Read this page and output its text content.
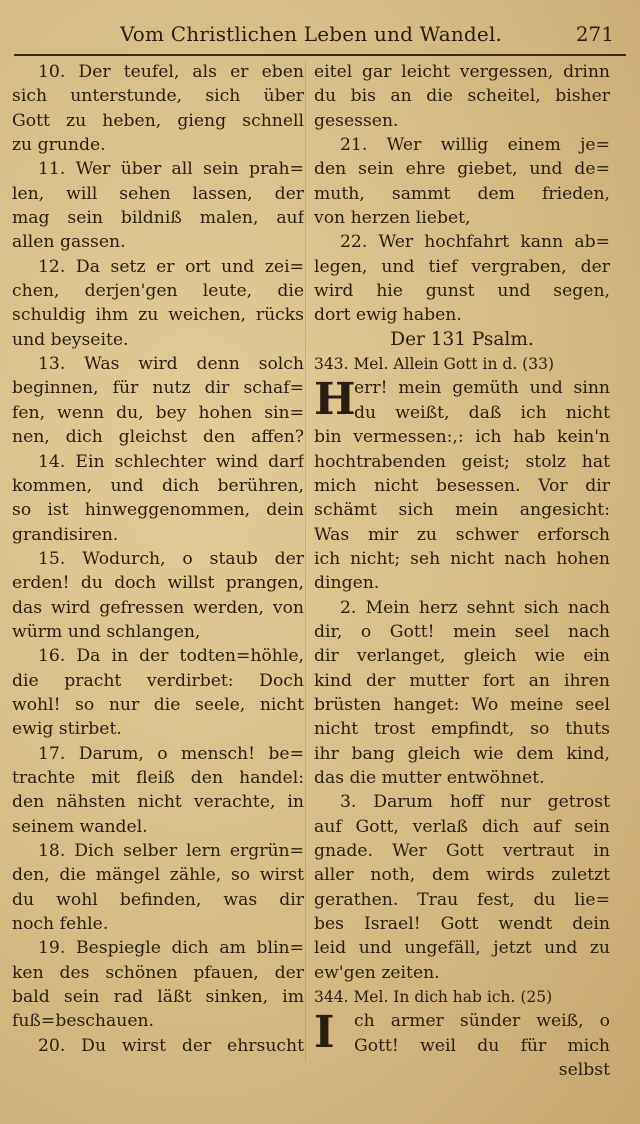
Vom Christlichen Leben und Wandel.	271
10. Der teufel, als er eben
sich unterstunde, sich über
Gott zu heben, gieng schnell
zu grunde.
11. Wer über all sein prah=
len, will sehen lassen, der
mag sein bildniß malen, auf
allen gassen.
12. Da setz er ort und zei=
chen, derjen'gen leute, die
schuldig ihm zu weichen, rücks
und beyseite.
13. Was wird denn solch
beginnen, für nutz dir schaf=
fen, wenn du, bey hohen sin=
nen, dich gleichst den affen?
14. Ein schlechter wind darf
kommen, und dich berühren,
so ist hinweggenommen, dein
grandisiren.
15. Wodurch, o staub der
erden! du doch willst prangen,
das wird gefressen werden, von
würm und schlangen,
16. Da in der todten=höhle,
die pracht verdirbet: Doch
wohl! so nur die seele, nicht
ewig stirbet.
17. Darum, o mensch! be=
trachte mit fleiß den handel:
den nähsten nicht verachte, in
seinem wandel.
18. Dich selber lern ergrün=
den, die mängel zähle, so wirst
du wohl befinden, was dir
noch fehle.
19. Bespiegle dich am blin=
ken des schönen pfauen, der
bald sein rad läßt sinken, im
fuß=beschauen.
20. Du wirst der ehrsucht
eitel gar leicht vergessen, drinn
du bis an die scheitel, bisher
gesessen.
21. Wer willig einem je=
den sein ehre giebet, und de=
muth, sammt dem frieden,
von herzen liebet,
22. Wer hochfahrt kann ab=
legen, und tief vergraben, der
wird hie gunst und segen,
dort ewig haben.
Der 131 Psalm.
343. Mel. Allein Gott in d. (33)
H
err! mein gemüth und sinn
du weißt, daß ich nicht
bin vermessen:,: ich hab kein'n
hochtrabenden geist; stolz hat
mich nicht besessen. Vor dir
schämt sich mein angesicht:
Was mir zu schwer erforsch
ich nicht; seh nicht nach hohen
dingen.
2. Mein herz sehnt sich nach
dir, o Gott! mein seel nach
dir verlanget, gleich wie ein
kind der mutter fort an ihren
brüsten hanget: Wo meine seel
nicht trost empfindt, so thuts
ihr bang gleich wie dem kind,
das die mutter entwöhnet.
3. Darum hoff nur getrost
auf Gott, verlaß dich auf sein
gnade. Wer Gott vertraut in
aller noth, dem wirds zuletzt
gerathen. Trau fest, du lie=
bes Israel! Gott wendt dein
leid und ungefäll, jetzt und zu
ew'gen zeiten.
344. Mel. In dich hab ich. (25)
I	ch armer sünder weiß, o
Gott! weil du für mich
selbst
